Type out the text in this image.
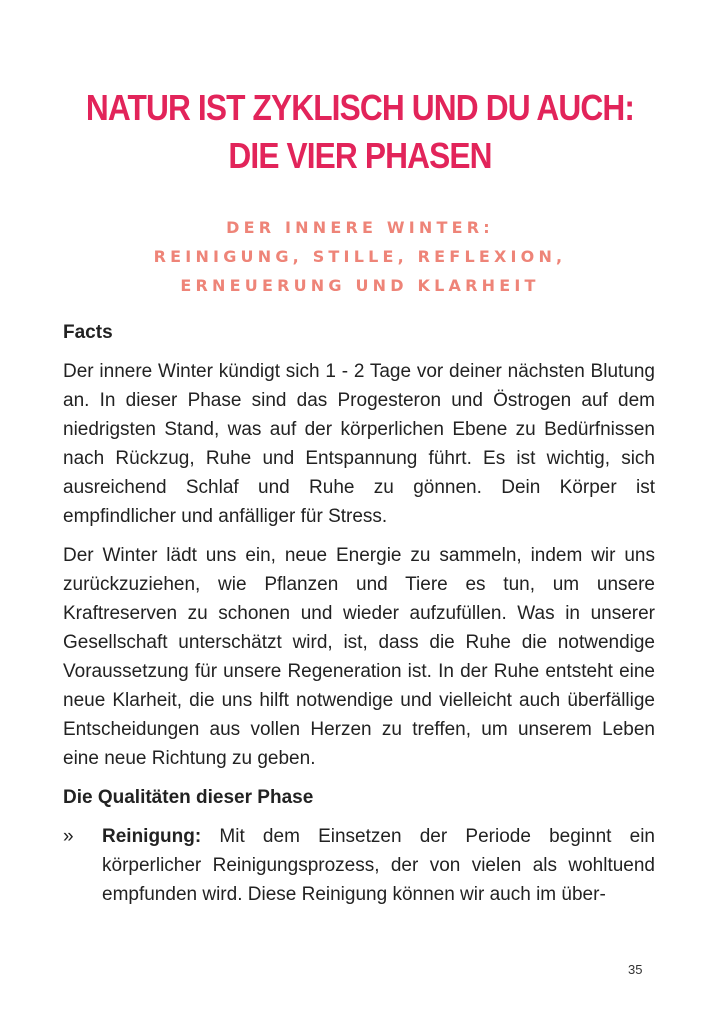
NATUR IST ZYKLISCH UND DU AUCH:
DIE VIER PHASEN
DER INNERE WINTER:
REINIGUNG, STILLE, REFLEXION,
ERNEUERUNG UND KLARHEIT
Facts

Der innere Winter kündigt sich 1 - 2 Tage vor deiner nächsten Blutung an. In dieser Phase sind das Progesteron und Östrogen auf dem niedrigsten Stand, was auf der körperlichen Ebene zu Bedürfnissen nach Rückzug, Ruhe und Entspannung führt. Es ist wichtig, sich ausreichend Schlaf und Ruhe zu gönnen. Dein Körper ist empfindlicher und anfälliger für Stress.

Der Winter lädt uns ein, neue Energie zu sammeln, indem wir uns zurückzuziehen, wie Pflanzen und Tiere es tun, um unsere Kraftreserven zu schonen und wieder aufzufüllen. Was in unserer Gesellschaft unterschätzt wird, ist, dass die Ruhe die notwendige Voraussetzung für unsere Regeneration ist. In der Ruhe entsteht eine neue Klarheit, die uns hilft notwendige und vielleicht auch überfällige Entscheidungen aus vollen Herzen zu treffen, um unserem Leben eine neue Richtung zu geben.

Die Qualitäten dieser Phase
» Reinigung: Mit dem Einsetzen der Periode beginnt ein körperlicher Reinigungsprozess, der von vielen als wohltuend empfunden wird. Diese Reinigung können wir auch im über-
35
